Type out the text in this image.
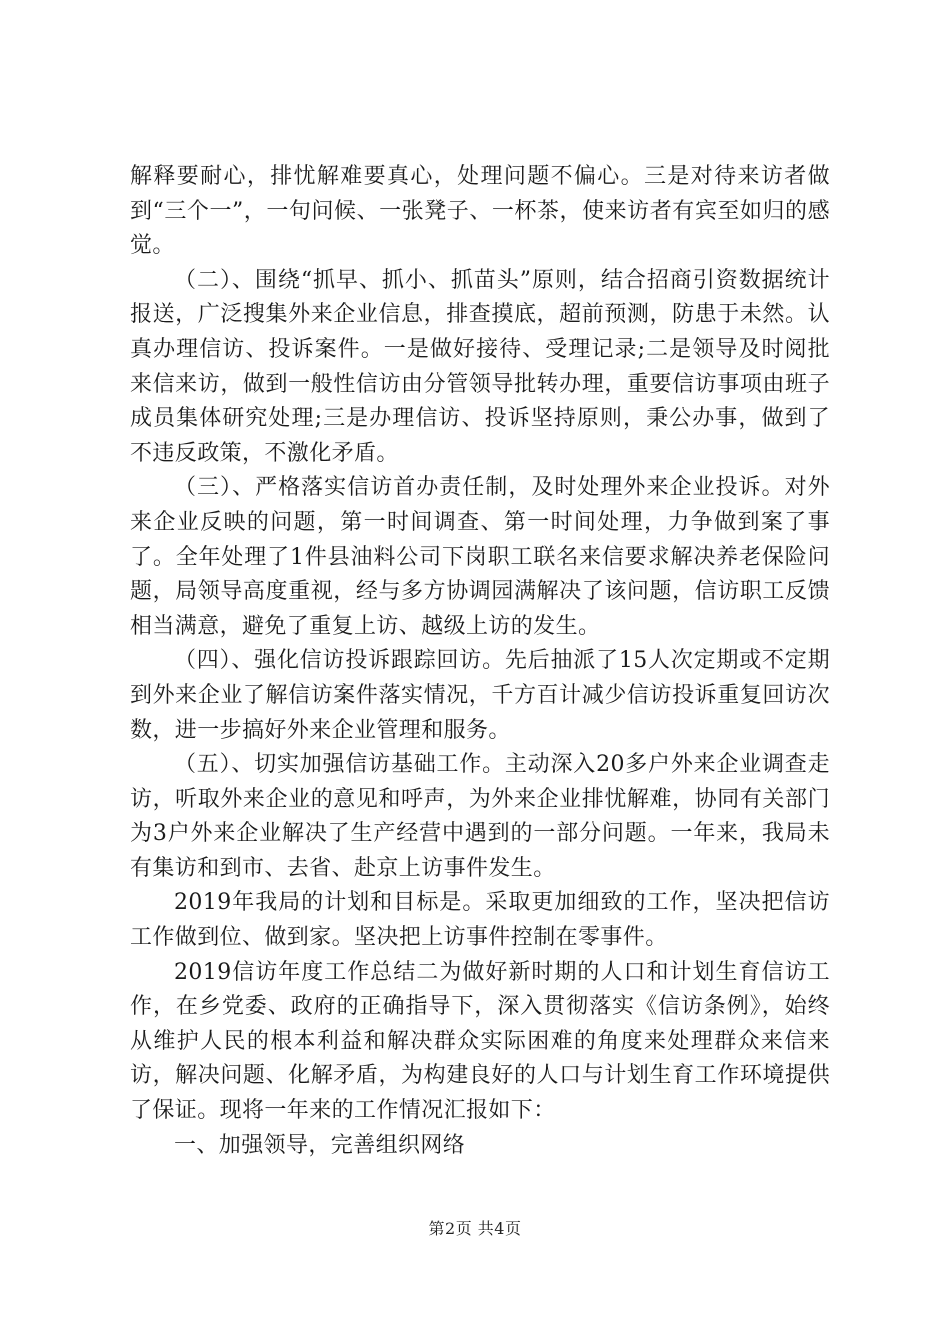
解释要耐心，排忧解难要真心，处理问题不偏心。三是对待来访者做到“三个一”，一句问候、一张凳子、一杯茶，使来访者有宾至如归的感觉。

（二）、围绕“抓早、抓小、抓苗头”原则，结合招商引资数据统计报送，广泛搜集外来企业信息，排查摸底，超前预测，防患于未然。认真办理信访、投诉案件。一是做好接待、受理记录;二是领导及时阅批来信来访，做到一般性信访由分管领导批转办理，重要信访事项由班子成员集体研究处理;三是办理信访、投诉坚持原则，秉公办事，做到了不违反政策，不激化矛盾。

（三）、严格落实信访首办责任制，及时处理外来企业投诉。对外来企业反映的问题，第一时间调查、第一时间处理，力争做到案了事了。全年处理了1件县油料公司下岗职工联名来信要求解决养老保险问题，局领导高度重视，经与多方协调园满解决了该问题，信访职工反馈相当满意，避免了重复上访、越级上访的发生。

（四）、强化信访投诉跟踪回访。先后抽派了15人次定期或不定期到外来企业了解信访案件落实情况，千方百计减少信访投诉重复回访次数，进一步搞好外来企业管理和服务。

（五）、切实加强信访基础工作。主动深入20多户外来企业调查走访，听取外来企业的意见和呼声，为外来企业排忧解难，协同有关部门为3户外来企业解决了生产经营中遇到的一部分问题。一年来，我局未有集访和到市、去省、赴京上访事件发生。

2019年我局的计划和目标是。采取更加细致的工作，坚决把信访工作做到位、做到家。坚决把上访事件控制在零事件。

2019信访年度工作总结二为做好新时期的人口和计划生育信访工作，在乡党委、政府的正确指导下，深入贯彻落实《信访条例》，始终从维护人民的根本利益和解决群众实际困难的角度来处理群众来信来访，解决问题、化解矛盾，为构建良好的人口与计划生育工作环境提供了保证。现将一年来的工作情况汇报如下：

一、加强领导，完善组织网络

第2页 共4页
